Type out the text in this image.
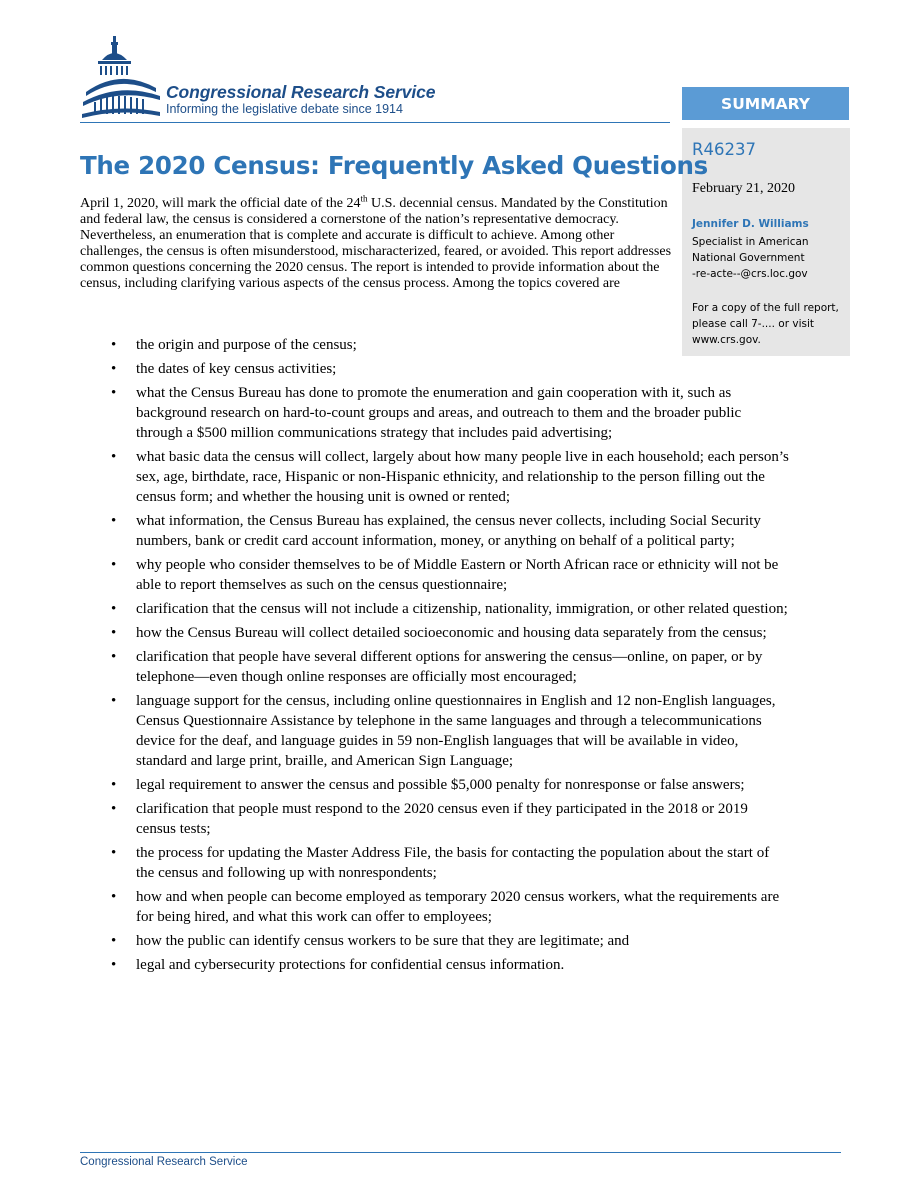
Congressional Research Service
Informing the legislative debate since 1914	SUMMARY
R46237
February 21, 2020
Jennifer D. Williams
Specialist in American National Government
-re-acte--@crs.loc.gov
For a copy of the full report, please call 7-.... or visit www.crs.gov.
The 2020 Census: Frequently Asked Questions
April 1, 2020, will mark the official date of the 24th U.S. decennial census. Mandated by the Constitution and federal law, the census is considered a cornerstone of the nation’s representative democracy. Nevertheless, an enumeration that is complete and accurate is difficult to achieve. Among other challenges, the census is often misunderstood, mischaracterized, feared, or avoided. This report addresses common questions concerning the 2020 census. The report is intended to provide information about the census, including clarifying various aspects of the census process. Among the topics covered are
• the origin and purpose of the census;
• the dates of key census activities;
• what the Census Bureau has done to promote the enumeration and gain cooperation with it, such as background research on hard-to-count groups and areas, and outreach to them and the broader public through a $500 million communications strategy that includes paid advertising;
• what basic data the census will collect, largely about how many people live in each household; each person’s sex, age, birthdate, race, Hispanic or non-Hispanic ethnicity, and relationship to the person filling out the census form; and whether the housing unit is owned or rented;
• what information, the Census Bureau has explained, the census never collects, including Social Security numbers, bank or credit card account information, money, or anything on behalf of a political party;
• why people who consider themselves to be of Middle Eastern or North African race or ethnicity will not be able to report themselves as such on the census questionnaire;
• clarification that the census will not include a citizenship, nationality, immigration, or other related question;
• how the Census Bureau will collect detailed socioeconomic and housing data separately from the census;
• clarification that people have several different options for answering the census—online, on paper, or by telephone—even though online responses are officially most encouraged;
• language support for the census, including online questionnaires in English and 12 non-English languages, Census Questionnaire Assistance by telephone in the same languages and through a telecommunications device for the deaf, and language guides in 59 non-English languages that will be available in video, standard and large print, braille, and American Sign Language;
• legal requirement to answer the census and possible $5,000 penalty for nonresponse or false answers;
• clarification that people must respond to the 2020 census even if they participated in the 2018 or 2019 census tests;
• the process for updating the Master Address File, the basis for contacting the population about the start of the census and following up with nonrespondents;
• how and when people can become employed as temporary 2020 census workers, what the requirements are for being hired, and what this work can offer to employees;
• how the public can identify census workers to be sure that they are legitimate; and
• legal and cybersecurity protections for confidential census information.
Congressional Research Service
